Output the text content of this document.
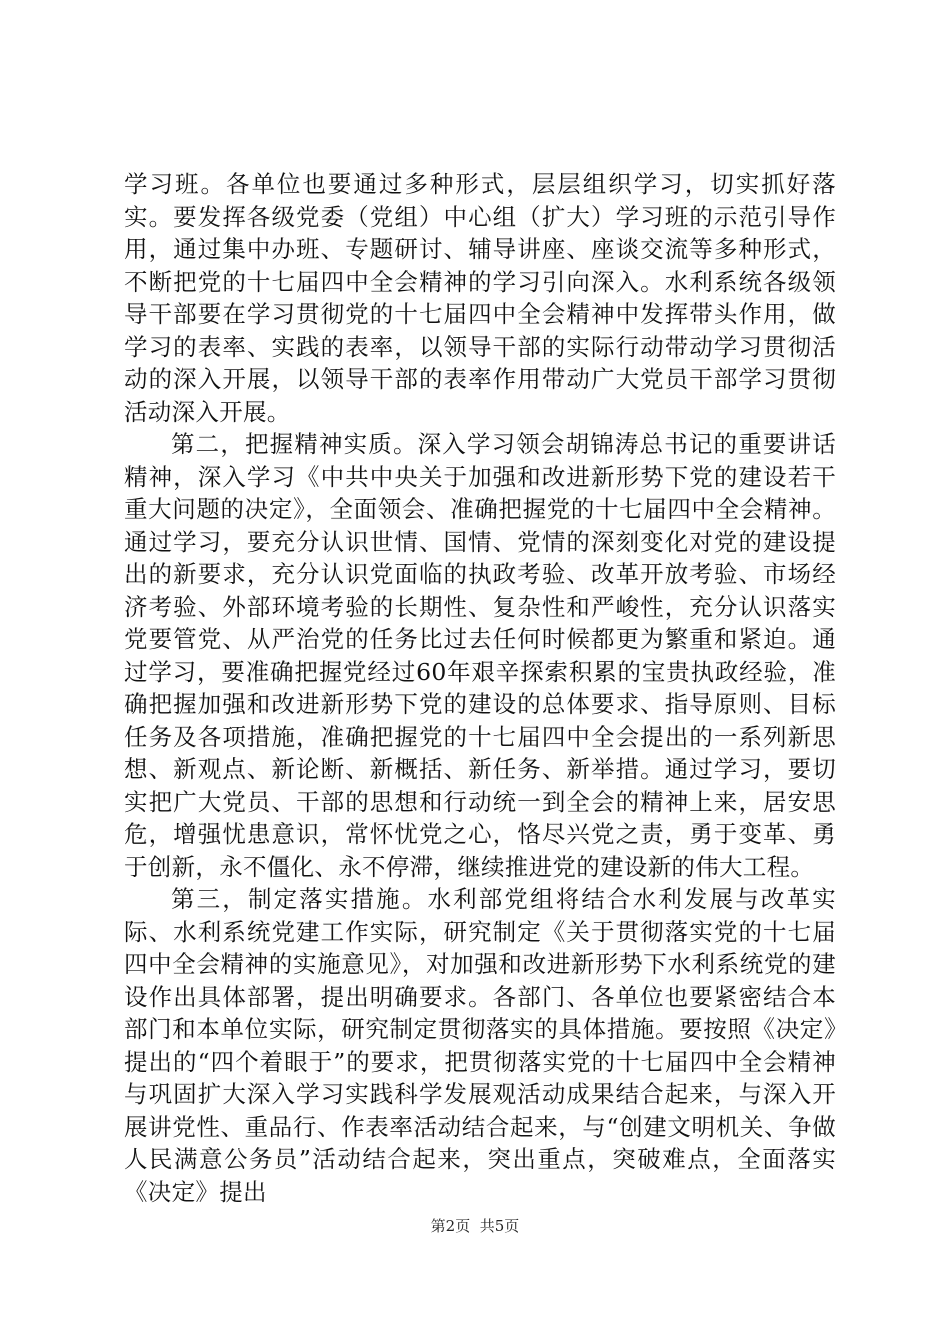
学习班。各单位也要通过多种形式，层层组织学习，切实抓好落实。要发挥各级党委（党组）中心组（扩大）学习班的示范引导作用，通过集中办班、专题研讨、辅导讲座、座谈交流等多种形式，不断把党的十七届四中全会精神的学习引向深入。水利系统各级领导干部要在学习贯彻党的十七届四中全会精神中发挥带头作用，做学习的表率、实践的表率，以领导干部的实际行动带动学习贯彻活动的深入开展，以领导干部的表率作用带动广大党员干部学习贯彻活动深入开展。

第二，把握精神实质。深入学习领会胡锦涛总书记的重要讲话精神，深入学习《中共中央关于加强和改进新形势下党的建设若干重大问题的决定》，全面领会、准确把握党的十七届四中全会精神。通过学习，要充分认识世情、国情、党情的深刻变化对党的建设提出的新要求，充分认识党面临的执政考验、改革开放考验、市场经济考验、外部环境考验的长期性、复杂性和严峻性，充分认识落实党要管党、从严治党的任务比过去任何时候都更为繁重和紧迫。通过学习，要准确把握党经过60年艰辛探索积累的宝贵执政经验，准确把握加强和改进新形势下党的建设的总体要求、指导原则、目标任务及各项措施，准确把握党的十七届四中全会提出的一系列新思想、新观点、新论断、新概括、新任务、新举措。通过学习，要切实把广大党员、干部的思想和行动统一到全会的精神上来，居安思危，增强忧患意识，常怀忧党之心，恪尽兴党之责，勇于变革、勇于创新，永不僵化、永不停滞，继续推进党的建设新的伟大工程。

第三，制定落实措施。水利部党组将结合水利发展与改革实际、水利系统党建工作实际，研究制定《关于贯彻落实党的十七届四中全会精神的实施意见》，对加强和改进新形势下水利系统党的建设作出具体部署，提出明确要求。各部门、各单位也要紧密结合本部门和本单位实际，研究制定贯彻落实的具体措施。要按照《决定》提出的“四个着眼于”的要求，把贯彻落实党的十七届四中全会精神与巩固扩大深入学习实践科学发展观活动成果结合起来，与深入开展讲党性、重品行、作表率活动结合起来，与“创建文明机关、争做人民满意公务员”活动结合起来，突出重点，突破难点，全面落实《决定》提出

第2页 共5页
